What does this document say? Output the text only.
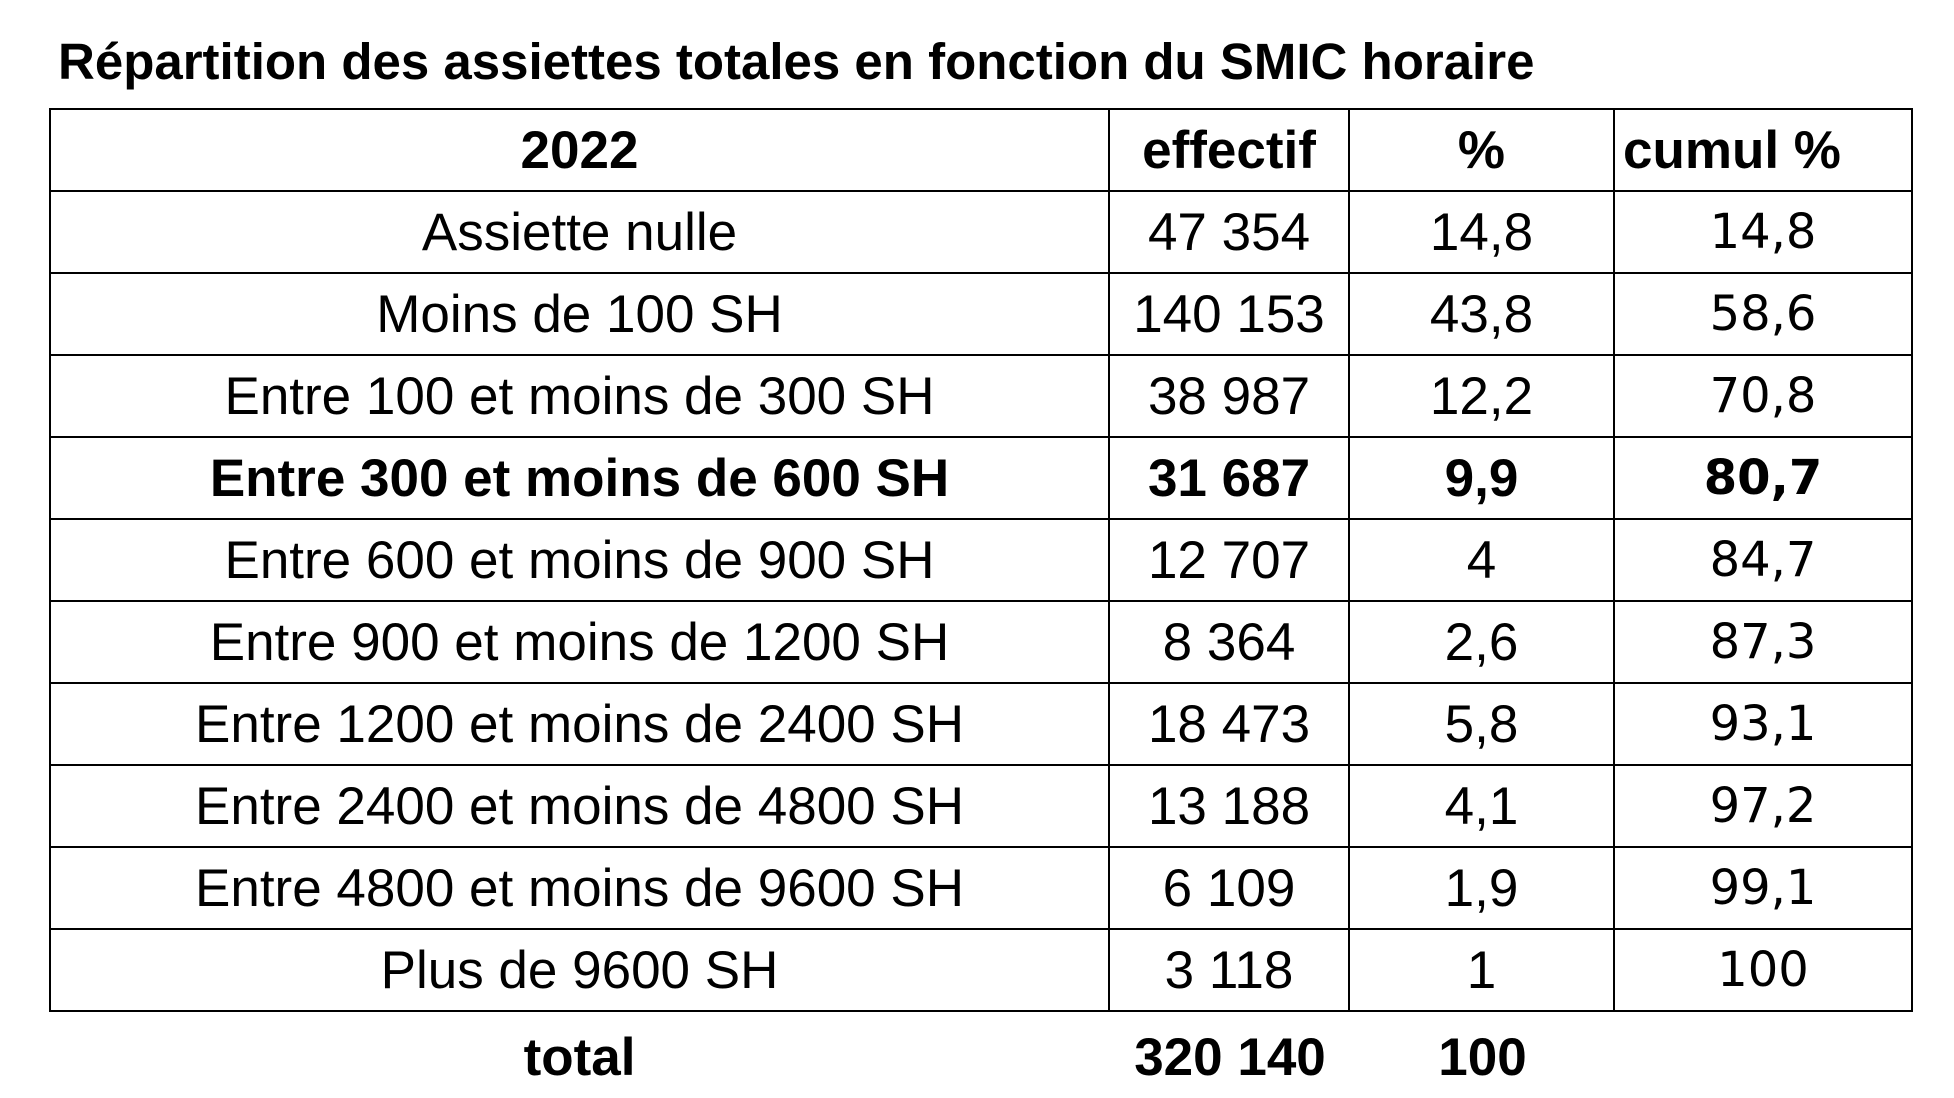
Répartition des assiettes totales en fonction du SMIC horaire
2022	effectif	%	cumul %
Assiette nulle	47 354	14,8	14,8
Moins de 100 SH	140 153	43,8	58,6
Entre 100 et moins de 300 SH	38 987	12,2	70,8
Entre 300 et moins de 600 SH	31 687	9,9	80,7
Entre 600 et moins de 900 SH	12 707	4	84,7
Entre 900 et moins de 1200 SH	8 364	2,6	87,3
Entre 1200 et moins de 2400 SH	18 473	5,8	93,1
Entre 2400 et moins de 4800 SH	13 188	4,1	97,2
Entre 4800 et moins de 9600 SH	6 109	1,9	99,1
Plus de 9600 SH	3 118	1	100
total	320 140	100
